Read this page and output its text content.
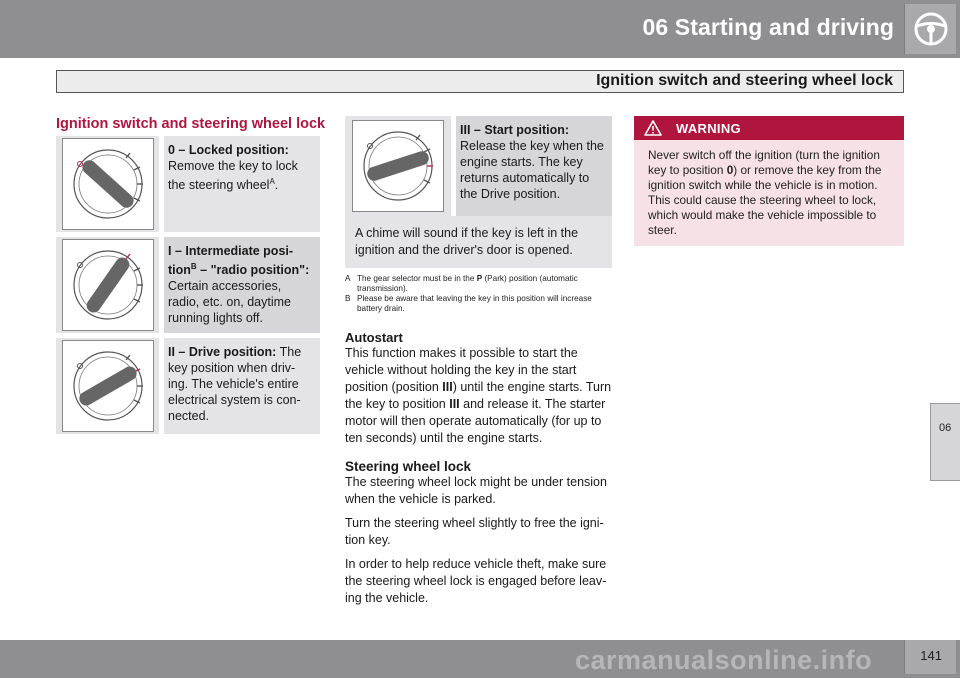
06 Starting and driving
Ignition switch and steering wheel lock
Ignition switch and steering wheel lock
0 – Locked position:
Remove the key to lock the steering wheel$^A$.
I – Intermediate posi-tion$^B$ – "radio position":
Certain accessories, radio, etc. on, daytime running lights off.
II – Drive position: The key position when driv-ing. The vehicle's entire electrical system is con-nected.
III – Start position:
Release the key when the engine starts. The key returns automatically to the Drive position.
A chime will sound if the key is left in the ignition and the driver's door is opened.
A The gear selector must be in the P (Park) position (automatic transmission).
B Please be aware that leaving the key in this position will increase battery drain.
Autostart
This function makes it possible to start the vehicle without holding the key in the start position (position III) until the engine starts. Turn the key to position III and release it. The starter motor will then operate automatically (for up to ten seconds) until the engine starts.
Steering wheel lock
The steering wheel lock might be under tension when the vehicle is parked.
Turn the steering wheel slightly to free the igni-tion key.
In order to help reduce vehicle theft, make sure the steering wheel lock is engaged before leav-ing the vehicle.
WARNING
Never switch off the ignition (turn the ignition key to position 0) or remove the key from the ignition switch while the vehicle is in motion. This could cause the steering wheel to lock, which would make the vehicle impossible to steer.
06
carmanualsonline.info	141
